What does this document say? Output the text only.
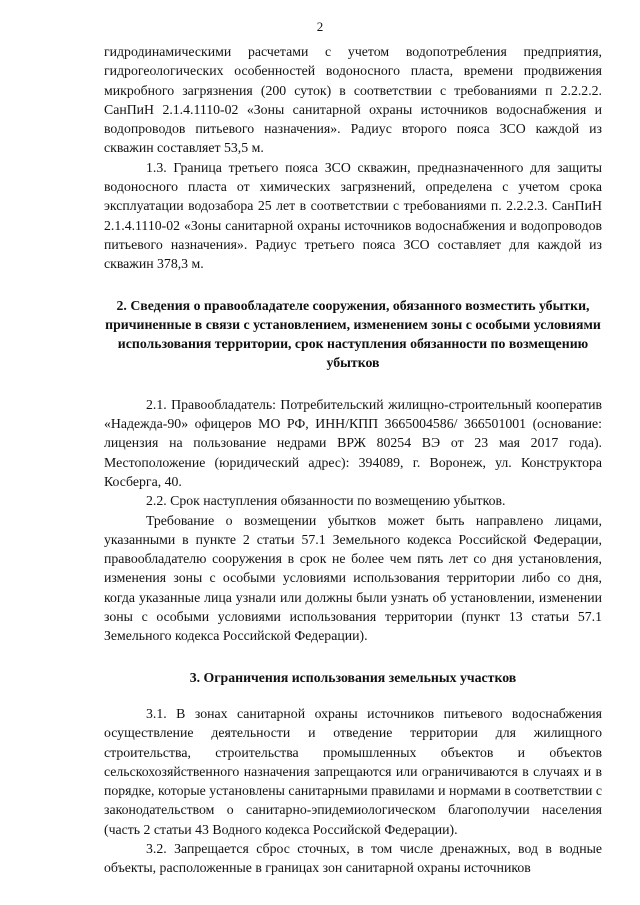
2

гидродинамическими расчетами с учетом водопотребления предприятия, гидрогеологических особенностей водоносного пласта, времени продвижения микробного загрязнения (200 суток) в соответствии с требованиями п 2.2.2.2. СанПиН 2.1.4.1110-02 «Зоны санитарной охраны источников водоснабжения и водопроводов питьевого назначения». Радиус второго пояса ЗСО каждой из скважин составляет 53,5 м.

1.3. Граница третьего пояса ЗСО скважин, предназначенного для защиты водоносного пласта от химических загрязнений, определена с учетом срока эксплуатации водозабора 25 лет в соответствии с требованиями п. 2.2.2.3. СанПиН 2.1.4.1110-02 «Зоны санитарной охраны источников водоснабжения и водопроводов питьевого назначения». Радиус третьего пояса ЗСО составляет для каждой из скважин 378,3 м.

2. Сведения о правообладателе сооружения, обязанного возместить убытки, причиненные в связи с установлением, изменением зоны с особыми условиями использования территории, срок наступления обязанности по возмещению убытков

2.1. Правообладатель: Потребительский жилищно-строительный кооператив «Надежда-90» офицеров МО РФ, ИНН/КПП 3665004586/ 366501001 (основание: лицензия на пользование недрами ВРЖ 80254 ВЭ от 23 мая 2017 года). Местоположение (юридический адрес): 394089, г. Воронеж, ул. Конструктора Косберга, 40.

2.2. Срок наступления обязанности по возмещению убытков.

Требование о возмещении убытков может быть направлено лицами, указанными в пункте 2 статьи 57.1 Земельного кодекса Российской Федерации, правообладателю сооружения в срок не более чем пять лет со дня установления, изменения зоны с особыми условиями использования территории либо со дня, когда указанные лица узнали или должны были узнать об установлении, изменении зоны с особыми условиями использования территории (пункт 13 статьи 57.1 Земельного кодекса Российской Федерации).

3. Ограничения использования земельных участков

3.1. В зонах санитарной охраны источников питьевого водоснабжения осуществление деятельности и отведение территории для жилищного строительства, строительства промышленных объектов и объектов сельскохозяйственного назначения запрещаются или ограничиваются в случаях и в порядке, которые установлены санитарными правилами и нормами в соответствии с законодательством о санитарно-эпидемиологическом благополучии населения (часть 2 статьи 43 Водного кодекса Российской Федерации).

3.2. Запрещается сброс сточных, в том числе дренажных, вод в водные объекты, расположенные в границах зон санитарной охраны источников
